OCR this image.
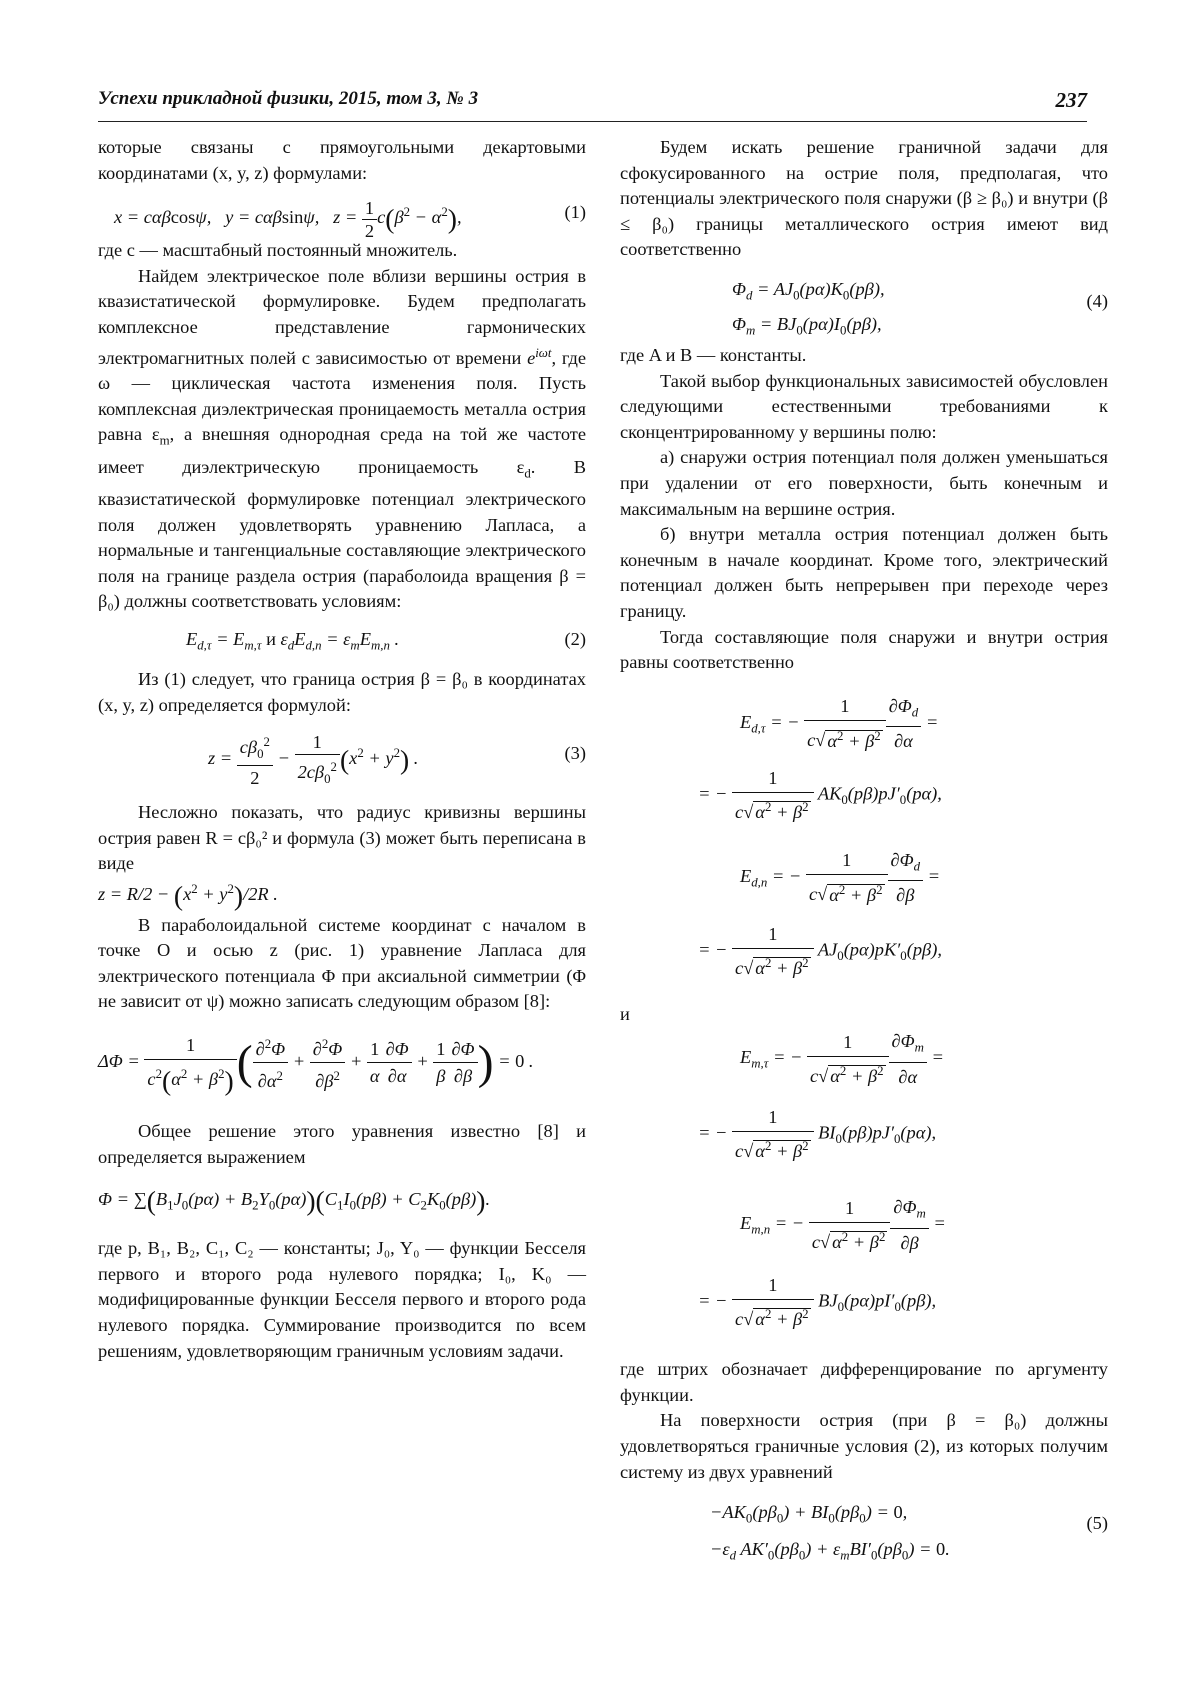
Успехи прикладной физики, 2015, том 3, № 3	237

которые связаны с прямоугольными декартовыми координатами (x, y, z) формулами:

x = cαβcosψ,   y = cαβsinψ,   $z = \frac{1}{2} c(\beta^2 - \alpha^2)$,	(1)

где c — масштабный постоянный множитель.

Найдем электрическое поле вблизи вершины острия в квазистатической формулировке. Будем предполагать комплексное представление гармонических электромагнитных полей с зависимостью от времени $e^{i\omega t}$, где ω — циклическая частота изменения поля. Пусть комплексная диэлектрическая проницаемость металла острия равна $\varepsilon_m$, а внешняя однородная среда на той же частоте имеет диэлектрическую проницаемость $\varepsilon_d$. В квазистатической формулировке потенциал электрического поля должен удовлетворять уравнению Лапласа, а нормальные и тангенциальные составляющие электрического поля на границе раздела острия (параболоида вращения β = β₀) должны соответствовать условиям:

$E_{d,\tau} = E_{m,\tau}$ и $\varepsilon_dE_{d,n} = \varepsilon_mE_{m,n}$ .	(2)

Из (1) следует, что граница острия β = β₀ в координатах (x, y, z) определяется формулой:

$z = \frac{c\beta_0^2}{2} - \frac{1}{2c\beta_0^2} (x^2 + y^2)$ .	(3)

Несложно показать, что радиус кривизны вершины острия равен R = cβ₀² и формула (3) может быть переписана в виде

$z = R/2 - (x^2 + y^2)/2R$ .

В параболоидальной системе координат с началом в точке O и осью z (рис. 1) уравнение Лапласа для электрического потенциала Φ при аксиальной симметрии (Φ не зависит от ψ) можно записать следующим образом [8]:

$\Delta\Phi = \frac{1}{c^2(\alpha^2 + \beta^2)}$ ( $\frac{\partial^2\Phi}{\partial\alpha^2} + \frac{\partial^2\Phi}{\partial\beta^2} + \frac{1}{\alpha} \frac{\partial\Phi}{\partial\alpha} + \frac{1}{\beta} \frac{\partial\Phi}{\partial\beta}$ ) = 0 .

Общее решение этого уравнения известно [8] и определяется выражением

$\Phi = \sum(B_1J_0(p\alpha) + B_2Y_0(p\alpha))(C_1I_0(p\beta) + C_2K_0(p\beta))$.

где p, B₁, B₂, C₁, C₂ — константы; J₀, Y₀ — функции Бесселя первого и второго рода нулевого порядка; I₀, K₀ — модифицированные функции Бесселя первого и второго рода нулевого порядка. Суммирование производится по всем решениям, удовлетворяющим граничным условиям задачи.

Будем искать решение граничной задачи для сфокусированного на острие поля, предполагая, что потенциалы электрического поля снаружи (β ≥ β₀) и внутри (β ≤ β₀) границы металлического острия имеют вид соответственно

$\Phi_d = AJ_0(p\alpha)K_0(p\beta)$,
$\Phi_m = BJ_0(p\alpha)I_0(p\beta)$,
(4)

где A и B — константы.

Такой выбор функциональных зависимостей обусловлен следующими естественными требованиями к сконцентрированному у вершины полю:

а) снаружи острия потенциал поля должен уменьшаться при удалении от его поверхности, быть конечным и максимальным на вершине острия.

б) внутри металла острия потенциал должен быть конечным в начале координат. Кроме того, электрический потенциал должен быть непрерывен при переходе через границу.

Тогда составляющие поля снаружи и внутри острия равны соответственно

$E_{d,\tau}$ = − $\frac{1}{c√ \alpha^2 + \beta^2} \frac{\partial\Phi_d}{\partial\alpha}$ =
= − $\frac{1}{c√ \alpha^2 + \beta^2} AK_0(p\beta)pJ'_0(p\alpha)$,
$E_{d,n}$ = − $\frac{1}{c√ \alpha^2 + \beta^2} \frac{\partial\Phi_d}{\partial\beta}$ =
= − $\frac{1}{c√ \alpha^2 + \beta^2} AJ_0(p\alpha)pK'_0(p\beta)$,

и

$E_{m,\tau}$ = − $\frac{1}{c√ \alpha^2 + \beta^2} \frac{\partial\Phi_m}{\partial\alpha}$ =
= − $\frac{1}{c√ \alpha^2 + \beta^2} BI_0(p\beta)pJ'_0(p\alpha)$,
$E_{m,n}$ = − $\frac{1}{c√ \alpha^2 + \beta^2} \frac{\partial\Phi_m}{\partial\beta}$ =
= − $\frac{1}{c√ \alpha^2 + \beta^2} BJ_0(p\alpha)pI'_0(p\beta)$,

где штрих обозначает дифференцирование по аргументу функции.

На поверхности острия (при β = β₀) должны удовлетворяться граничные условия (2), из которых получим систему из двух уравнений

$-AK_0(p\beta_0) + BI_0(p\beta_0) = 0$,
$-\varepsilon_d$ $AK'_0(p\beta_0) + \varepsilon_mBI'_0(p\beta_0) = 0$.
(5)
